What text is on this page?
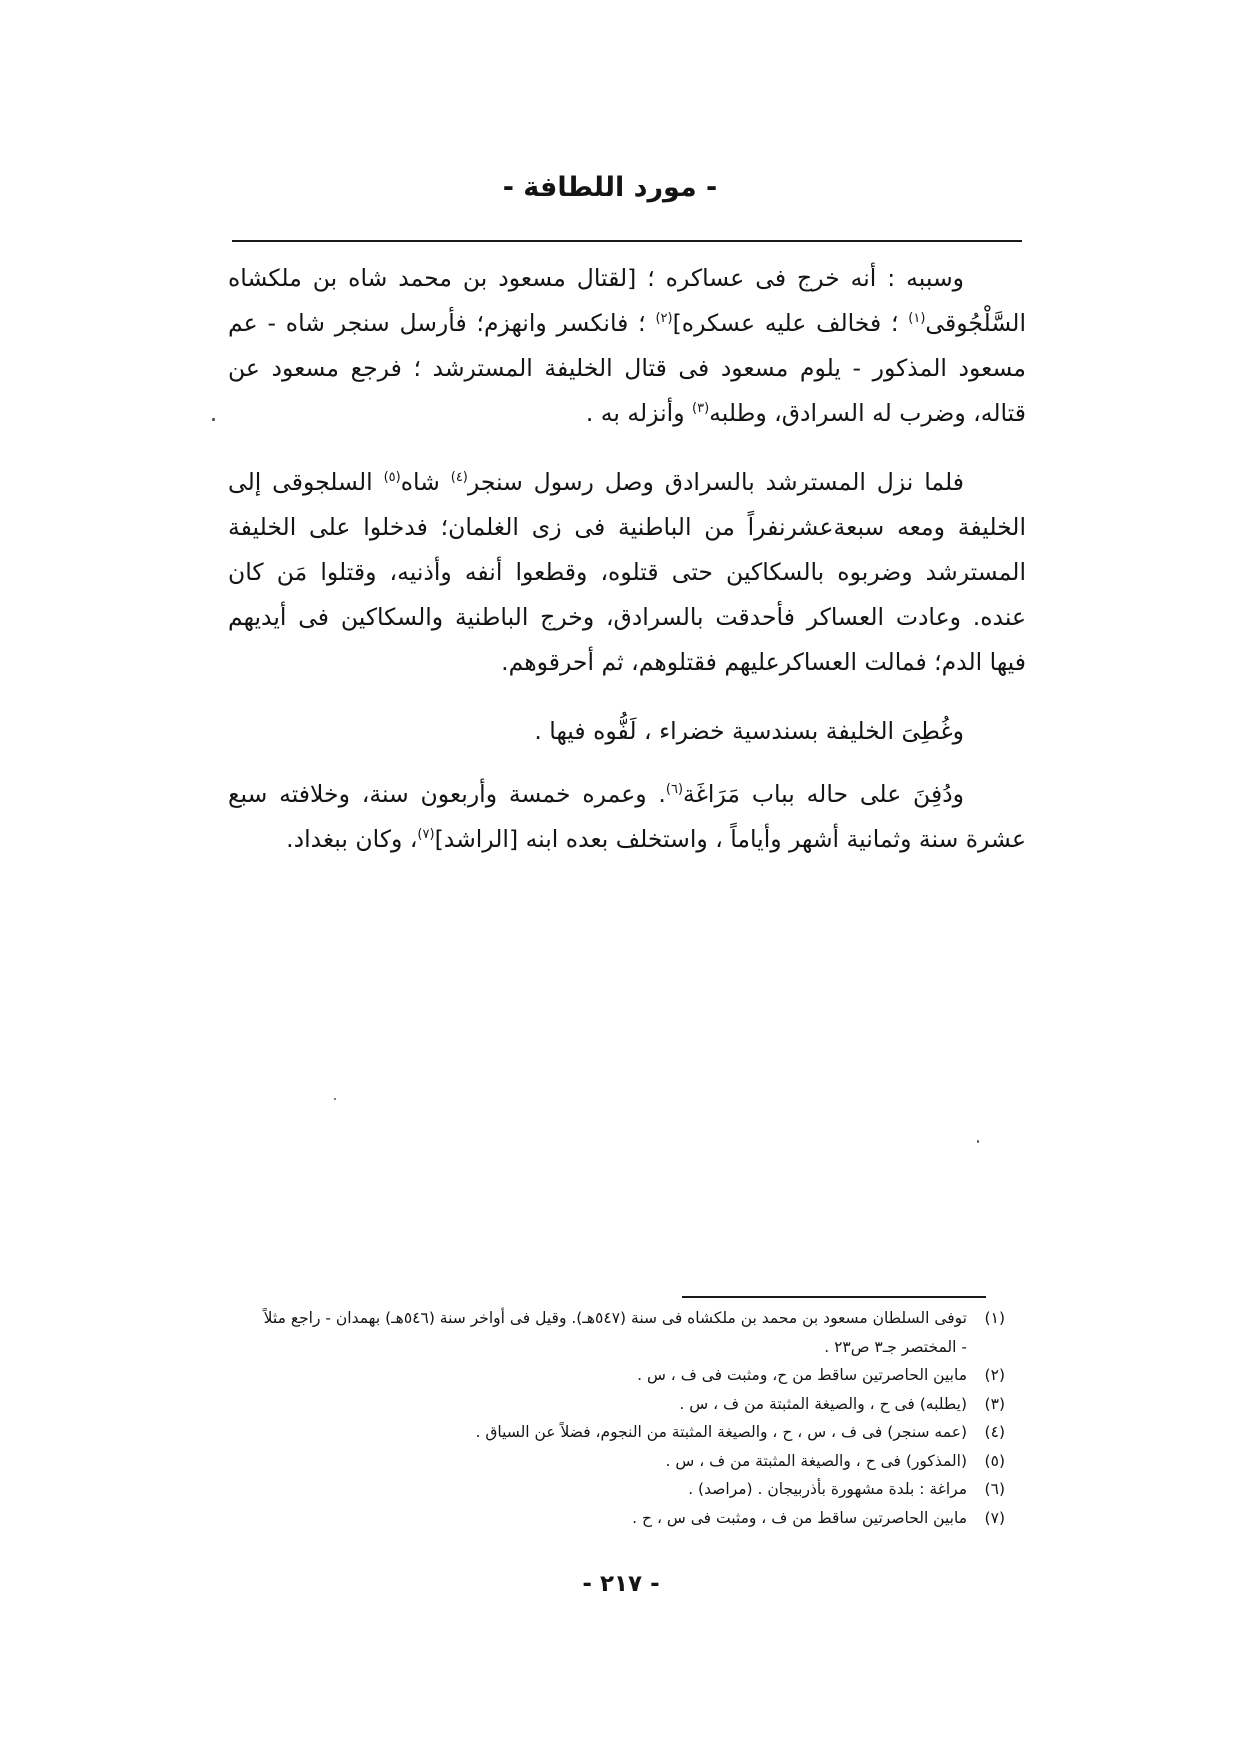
- مورد اللطافة -

وسببه : أنه خرج فى عساكره ؛ [لقتال مسعود بن محمد شاه بن ملكشاه السَّلْجُوقى$^{(١)}$ ؛ فخالف عليه عسكره]$^{(٢)}$ ؛ فانكسر وانهزم؛ فأرسل سنجر شاه - عم مسعود المذكور - يلوم مسعود فى قتال الخليفة المسترشد ؛ فرجع مسعود عن قتاله، وضرب له السرادق، وطلبه$^{(٣)}$ وأنزله به .

فلما نزل المسترشد بالسرادق وصل رسول سنجر$^{(٤)}$ شاه$^{(٥)}$ السلجوقى إلى الخليفة ومعه سبعةعشرنفراً من الباطنية فى زى الغلمان؛ فدخلوا على الخليفة المسترشد وضربوه بالسكاكين حتى قتلوه، وقطعوا أنفه وأذنيه، وقتلوا مَن كان عنده. وعادت العساكر فأحدقت بالسرادق، وخرج الباطنية والسكاكين فى أيديهم فيها الدم؛ فمالت العساكرعليهم فقتلوهم، ثم أحرقوهم.

وغُطِىَ الخليفة بسندسية خضراء ، لَفُّوه فيها .

ودُفِنَ على حاله بباب مَرَاغَة$^{(٦)}$. وعمره خمسة وأربعون سنة، وخلافته سبع عشرة سنة وثمانية أشهر وأياماً ، واستخلف بعده ابنه [الراشد]$^{(٧)}$، وكان ببغداد.

(١)توفى السلطان مسعود بن محمد بن ملكشاه فى سنة (٥٤٧هـ). وقيل فى أواخر سنة (٥٤٦هـ) بهمدان - راجع مثلاً - المختصر جـ٣ ص٢٣ .

(٢)مابين الحاصرتين ساقط من ح، ومثبت فى ف ، س .

(٣)(يطلبه) فى ح ، والصيغة المثبتة من ف ، س .

(٤)(عمه سنجر) فى ف ، س ، ح ، والصيغة المثبتة من النجوم، فضلاً عن السياق .

(٥)(المذكور) فى ح ، والصيغة المثبتة من ف ، س .

(٦)مراغة : بلدة مشهورة بأذربيجان . (مراصد) .

(٧)مابين الحاصرتين ساقط من ف ، ومثبت فى س ، ح .

- ٢١٧ -
